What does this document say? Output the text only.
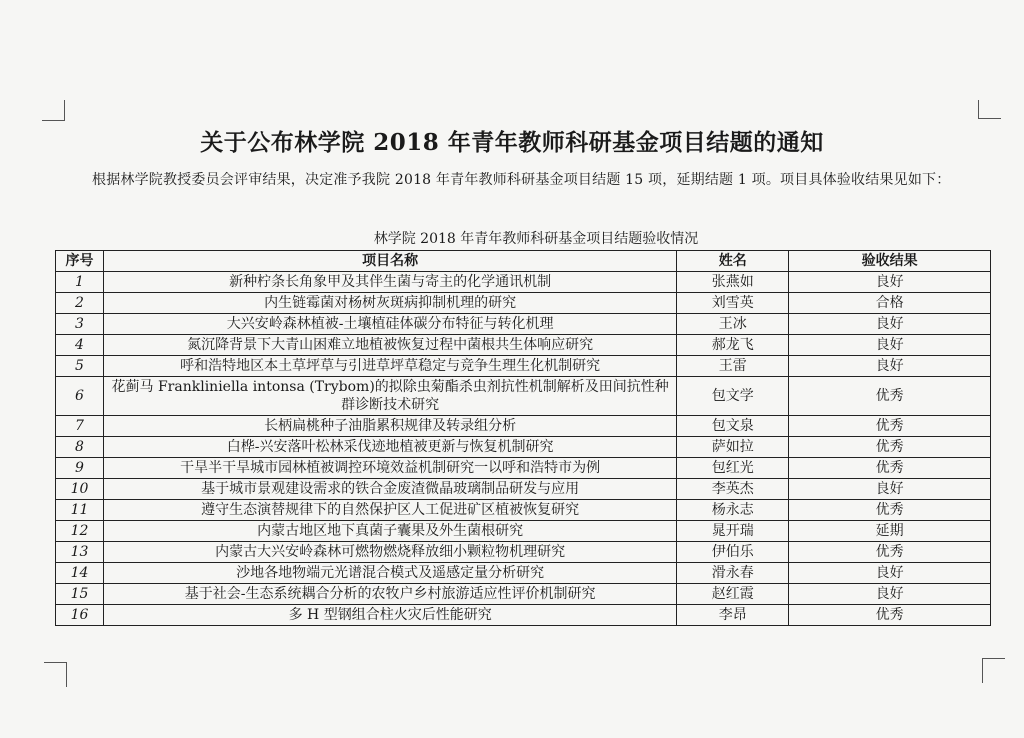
关于公布林学院 2018 年青年教师科研基金项目结题的通知
根据林学院教授委员会评审结果，决定准予我院 2018 年青年教师科研基金项目结题 15 项，延期结题 1 项。项目具体验收结果见如下：
林学院 2018 年青年教师科研基金项目结题验收情况
序号	项目名称	姓名	验收结果
1	新种柠条长角象甲及其伴生菌与寄主的化学通讯机制	张燕如	良好
2	内生链霉菌对杨树灰斑病抑制机理的研究	刘雪英	合格
3	大兴安岭森林植被-土壤植硅体碳分布特征与转化机理	王冰	良好
4	氮沉降背景下大青山困难立地植被恢复过程中菌根共生体响应研究	郝龙飞	良好
5	呼和浩特地区本土草坪草与引进草坪草稳定与竞争生理生化机制研究	王雷	良好
6	花蓟马 Frankliniella intonsa (Trybom)的拟除虫菊酯杀虫剂抗性机制解析及田间抗性种群诊断技术研究	包文学	优秀
7	长柄扁桃种子油脂累积规律及转录组分析	包文泉	优秀
8	白桦-兴安落叶松林采伐迹地植被更新与恢复机制研究	萨如拉	优秀
9	干旱半干旱城市园林植被调控环境效益机制研究一以呼和浩特市为例	包红光	优秀
10	基于城市景观建设需求的铁合金废渣微晶玻璃制品研发与应用	李英杰	良好
11	遵守生态演替规律下的自然保护区人工促进矿区植被恢复研究	杨永志	优秀
12	内蒙古地区地下真菌子囊果及外生菌根研究	晁开瑞	延期
13	内蒙古大兴安岭森林可燃物燃烧释放细小颗粒物机理研究	伊伯乐	优秀
14	沙地各地物端元光谱混合模式及遥感定量分析研究	滑永春	良好
15	基于社会-生态系统耦合分析的农牧户乡村旅游适应性评价机制研究	赵红霞	良好
16	多 H 型钢组合柱火灾后性能研究	李昂	优秀
